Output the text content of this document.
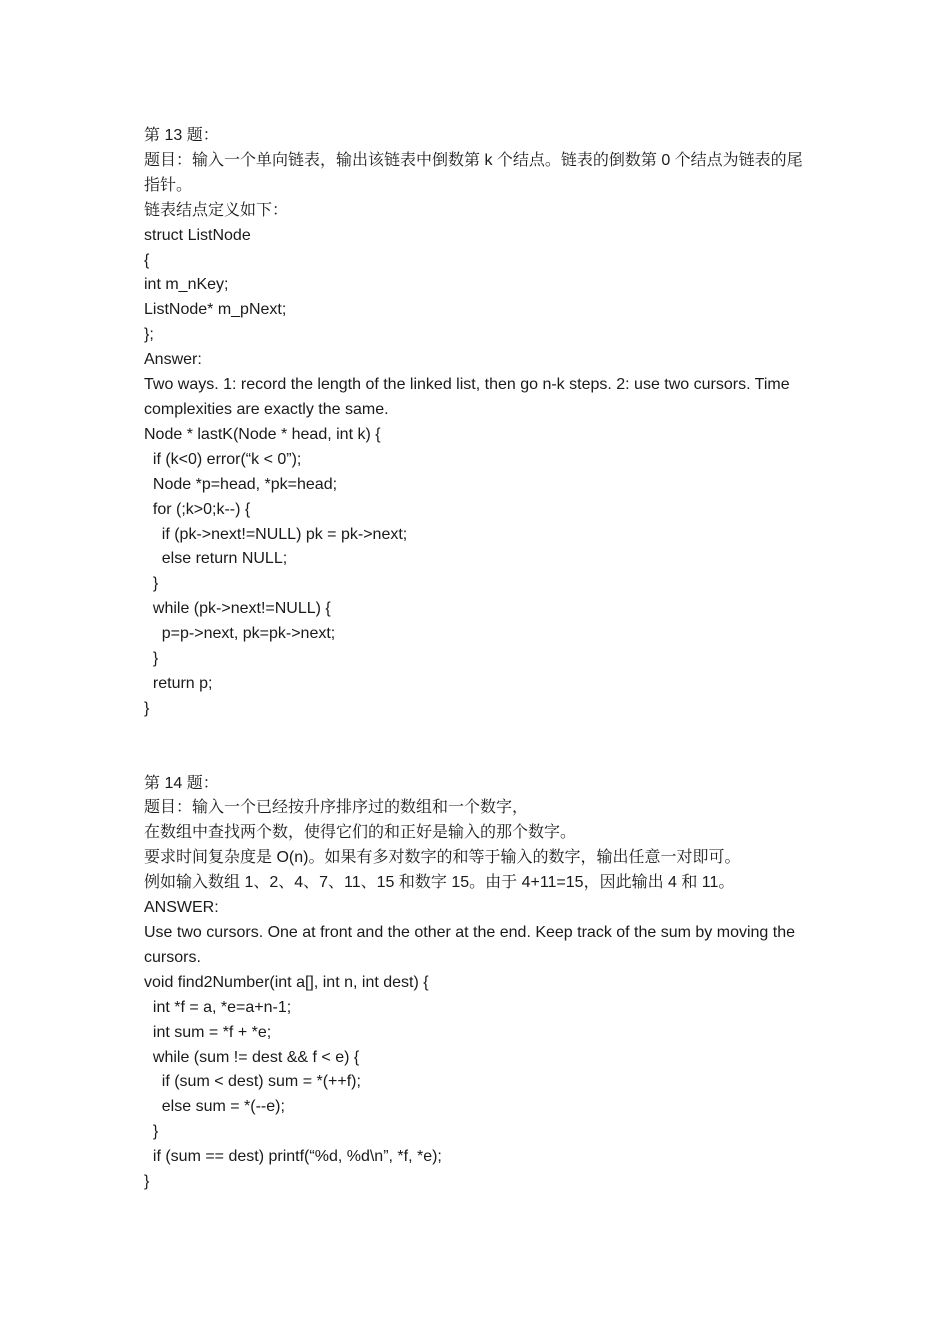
第 13 题：

题目：输入一个单向链表，输出该链表中倒数第 k 个结点。链表的倒数第 0 个结点为链表的尾指针。

链表结点定义如下：

struct ListNode

{

int m_nKey;

ListNode* m_pNext;

};

Answer:

Two ways. 1: record the length of the linked list, then go n-k steps. 2: use two cursors. Time complexities are exactly the same.

Node * lastK(Node * head, int k) {

if (k<0) error(“k < 0”);

Node *p=head, *pk=head;

for (;k>0;k--) {

if (pk->next!=NULL) pk = pk->next;

else return NULL;

}

while (pk->next!=NULL) {

p=p->next, pk=pk->next;

}

return p;

}

第 14 题：

题目：输入一个已经按升序排序过的数组和一个数字，

在数组中查找两个数，使得它们的和正好是输入的那个数字。

要求时间复杂度是 O(n)。如果有多对数字的和等于输入的数字，输出任意一对即可。

例如输入数组 1、2、4、7、11、15 和数字 15。由于 4+11=15，因此输出 4 和 11。

ANSWER:

Use two cursors. One at front and the other at the end. Keep track of the sum by moving the cursors.

void find2Number(int a[], int n, int dest) {

int *f = a, *e=a+n-1;

int sum = *f + *e;

while (sum != dest && f < e) {

if (sum < dest) sum = *(++f);

else sum = *(--e);

}

if (sum == dest) printf(“%d, %d\n”, *f, *e);

}
